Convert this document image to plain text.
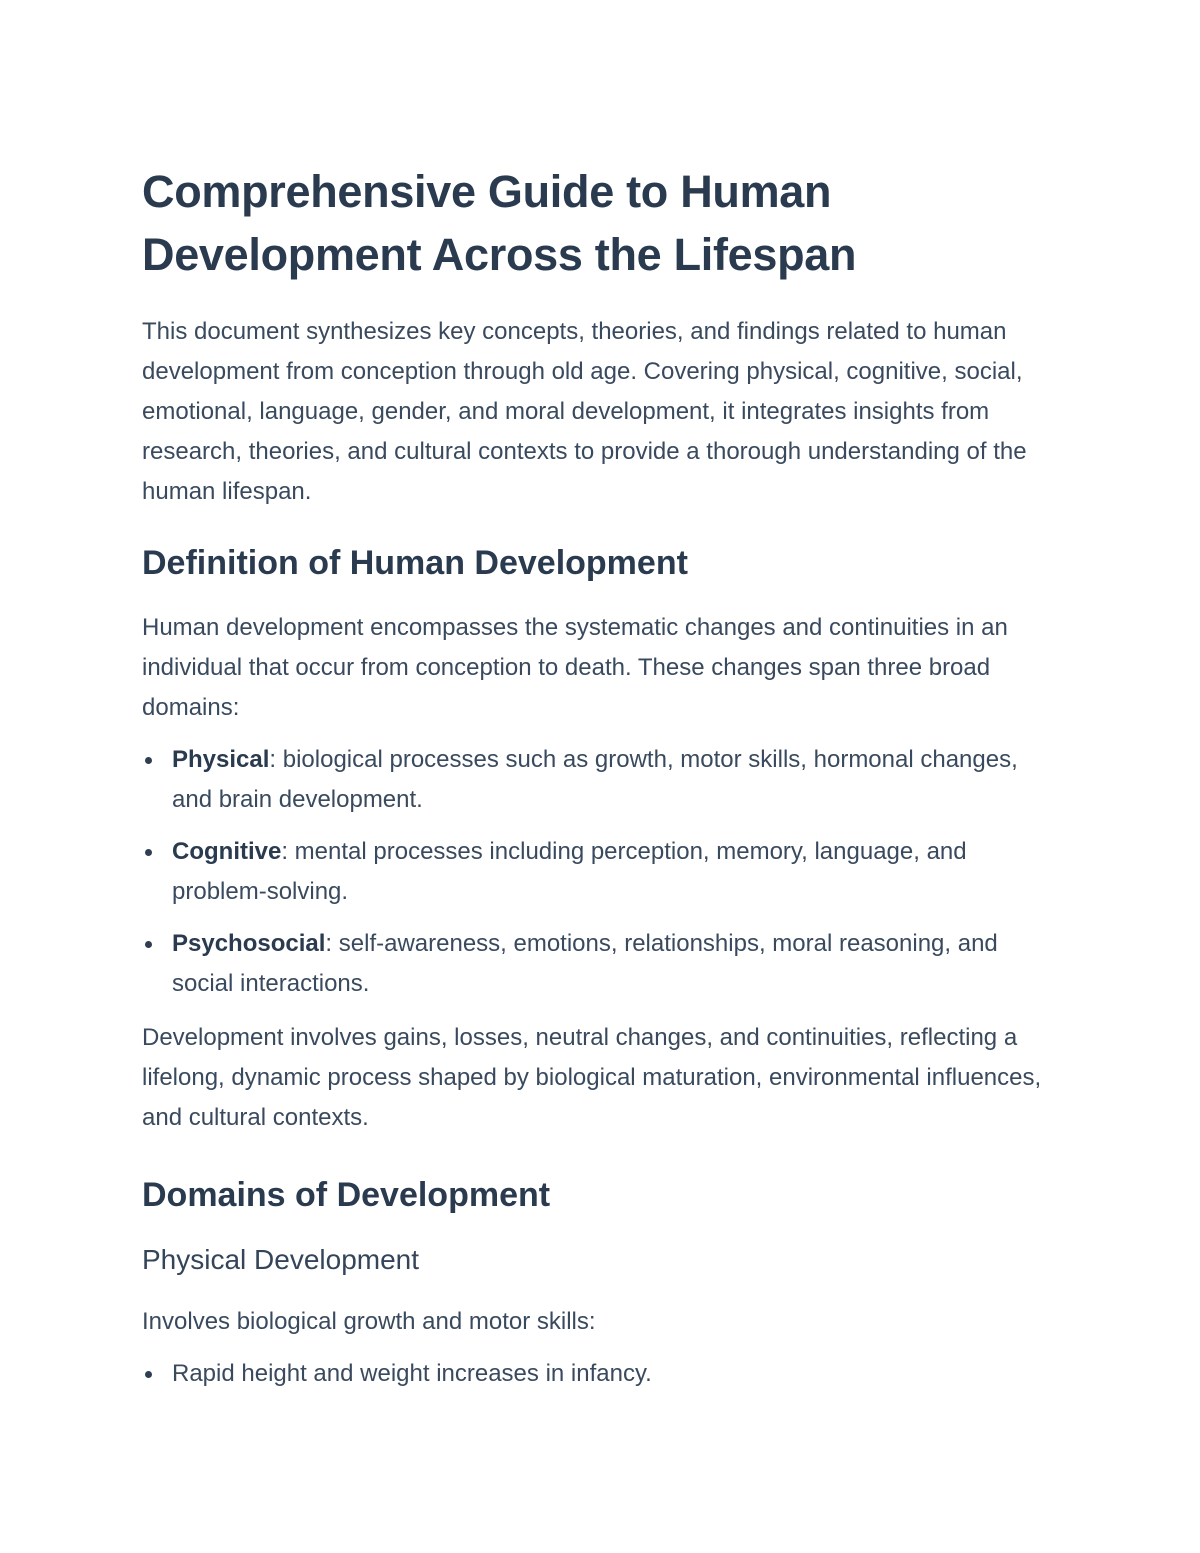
Comprehensive Guide to Human Development Across the Lifespan

This document synthesizes key concepts, theories, and findings related to human development from conception through old age. Covering physical, cognitive, social, emotional, language, gender, and moral development, it integrates insights from research, theories, and cultural contexts to provide a thorough understanding of the human lifespan.

Definition of Human Development

Human development encompasses the systematic changes and continuities in an individual that occur from conception to death. These changes span three broad domains:

Physical: biological processes such as growth, motor skills, hormonal changes, and brain development.
Cognitive: mental processes including perception, memory, language, and problem-solving.
Psychosocial: self-awareness, emotions, relationships, moral reasoning, and social interactions.

Development involves gains, losses, neutral changes, and continuities, reflecting a lifelong, dynamic process shaped by biological maturation, environmental influences, and cultural contexts.

Domains of Development
Physical Development

Involves biological growth and motor skills:

Rapid height and weight increases in infancy.
